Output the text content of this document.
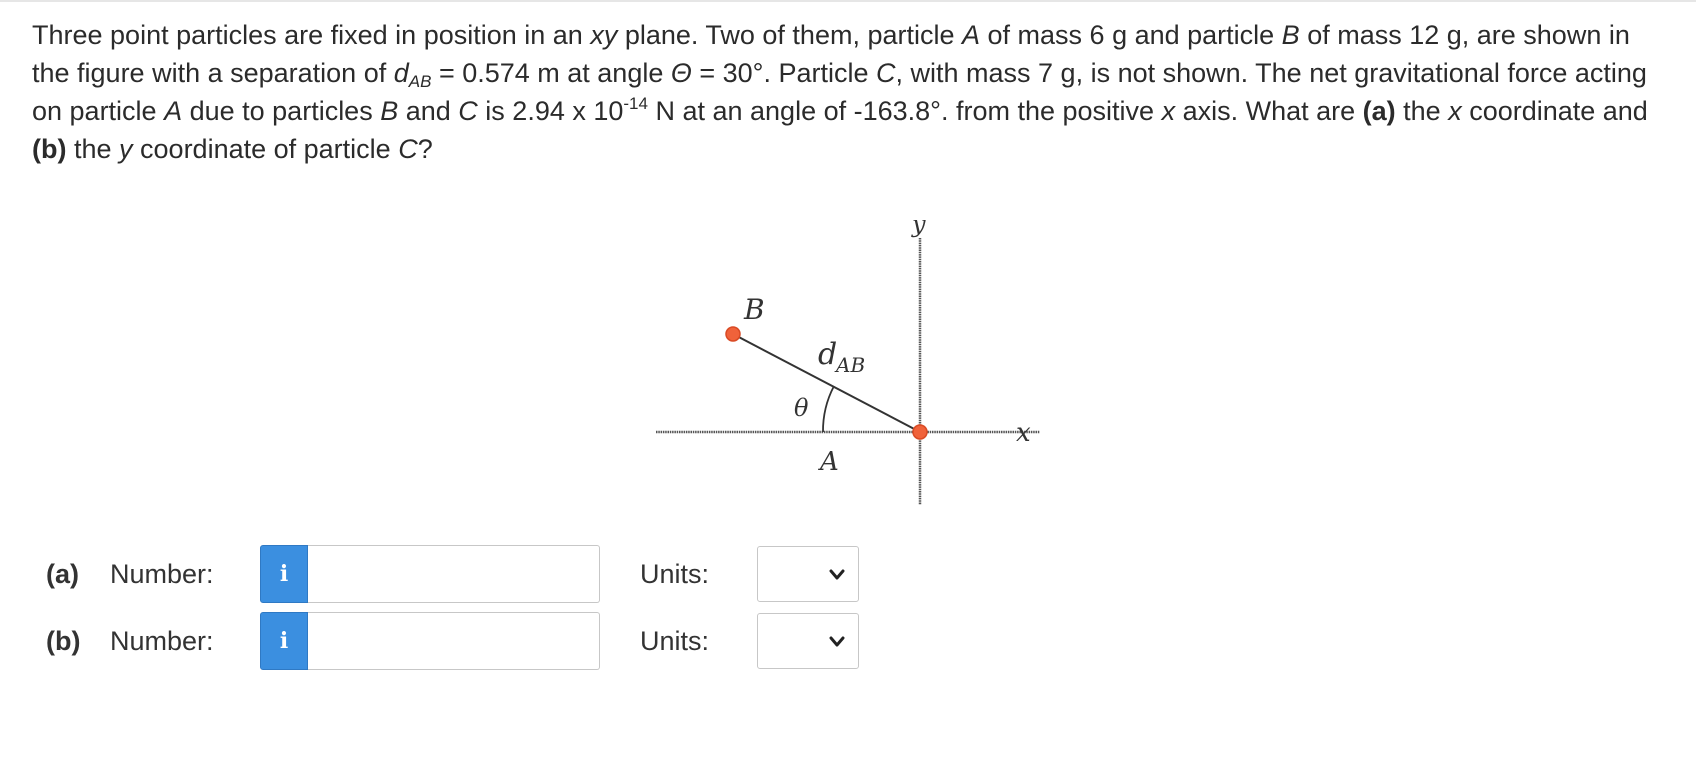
Three point particles are fixed in position in an xy plane. Two of them, particle A of mass 6 g and particle B of mass 12 g, are shown in the figure with a separation of $d_{AB} = 0.574$ m at angle Θ = 30°. Particle C, with mass 7 g, is not shown. The net gravitational force acting on particle A due to particles B and C is 2.94 x $10^{-14}$ N at an angle of -163.8°. from the positive x axis. What are (a) the x coordinate and (b) the y coordinate of particle C?
B
A
d
AB
θ
x
y
(a)	Number:	i	Units:
(b)	Number:	i	Units:
